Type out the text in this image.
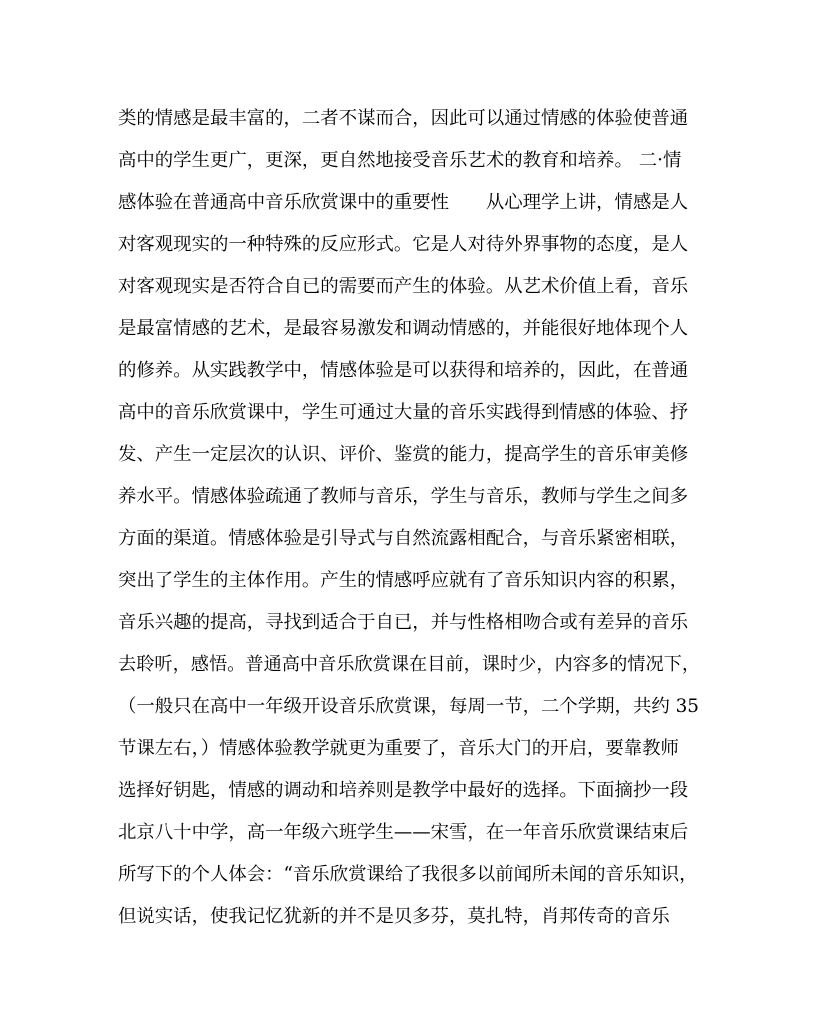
类的情感是最丰富的，二者不谋而合，因此可以通过情感的体验使普通
高中的学生更广，更深，更自然地接受音乐艺术的教育和培养。 二·情
感体验在普通高中音乐欣赏课中的重要性　　从心理学上讲，情感是人
对客观现实的一种特殊的反应形式。它是人对待外界事物的态度，是人
对客观现实是否符合自已的需要而产生的体验。从艺术价值上看，音乐
是最富情感的艺术，是最容易激发和调动情感的，并能很好地体现个人
的修养。从实践教学中，情感体验是可以获得和培养的，因此，在普通
高中的音乐欣赏课中，学生可通过大量的音乐实践得到情感的体验、抒
发、产生一定层次的认识、评价、鉴赏的能力，提高学生的音乐审美修
养水平。情感体验疏通了教师与音乐，学生与音乐，教师与学生之间多
方面的渠道。情感体验是引导式与自然流露相配合，与音乐紧密相联，
突出了学生的主体作用。产生的情感呼应就有了音乐知识内容的积累，
音乐兴趣的提高，寻找到适合于自已，并与性格相吻合或有差异的音乐
去聆听，感悟。普通高中音乐欣赏课在目前，课时少，内容多的情况下，
（一般只在高中一年级开设音乐欣赏课，每周一节，二个学期，共约 35
节课左右，）情感体验教学就更为重要了，音乐大门的开启，要靠教师
选择好钥匙，情感的调动和培养则是教学中最好的选择。下面摘抄一段
北京八十中学，高一年级六班学生——宋雪，在一年音乐欣赏课结束后
所写下的个人体会：“音乐欣赏课给了我很多以前闻所未闻的音乐知识，
但说实话，使我记忆犹新的并不是贝多芬，莫扎特，肖邦传奇的音乐
